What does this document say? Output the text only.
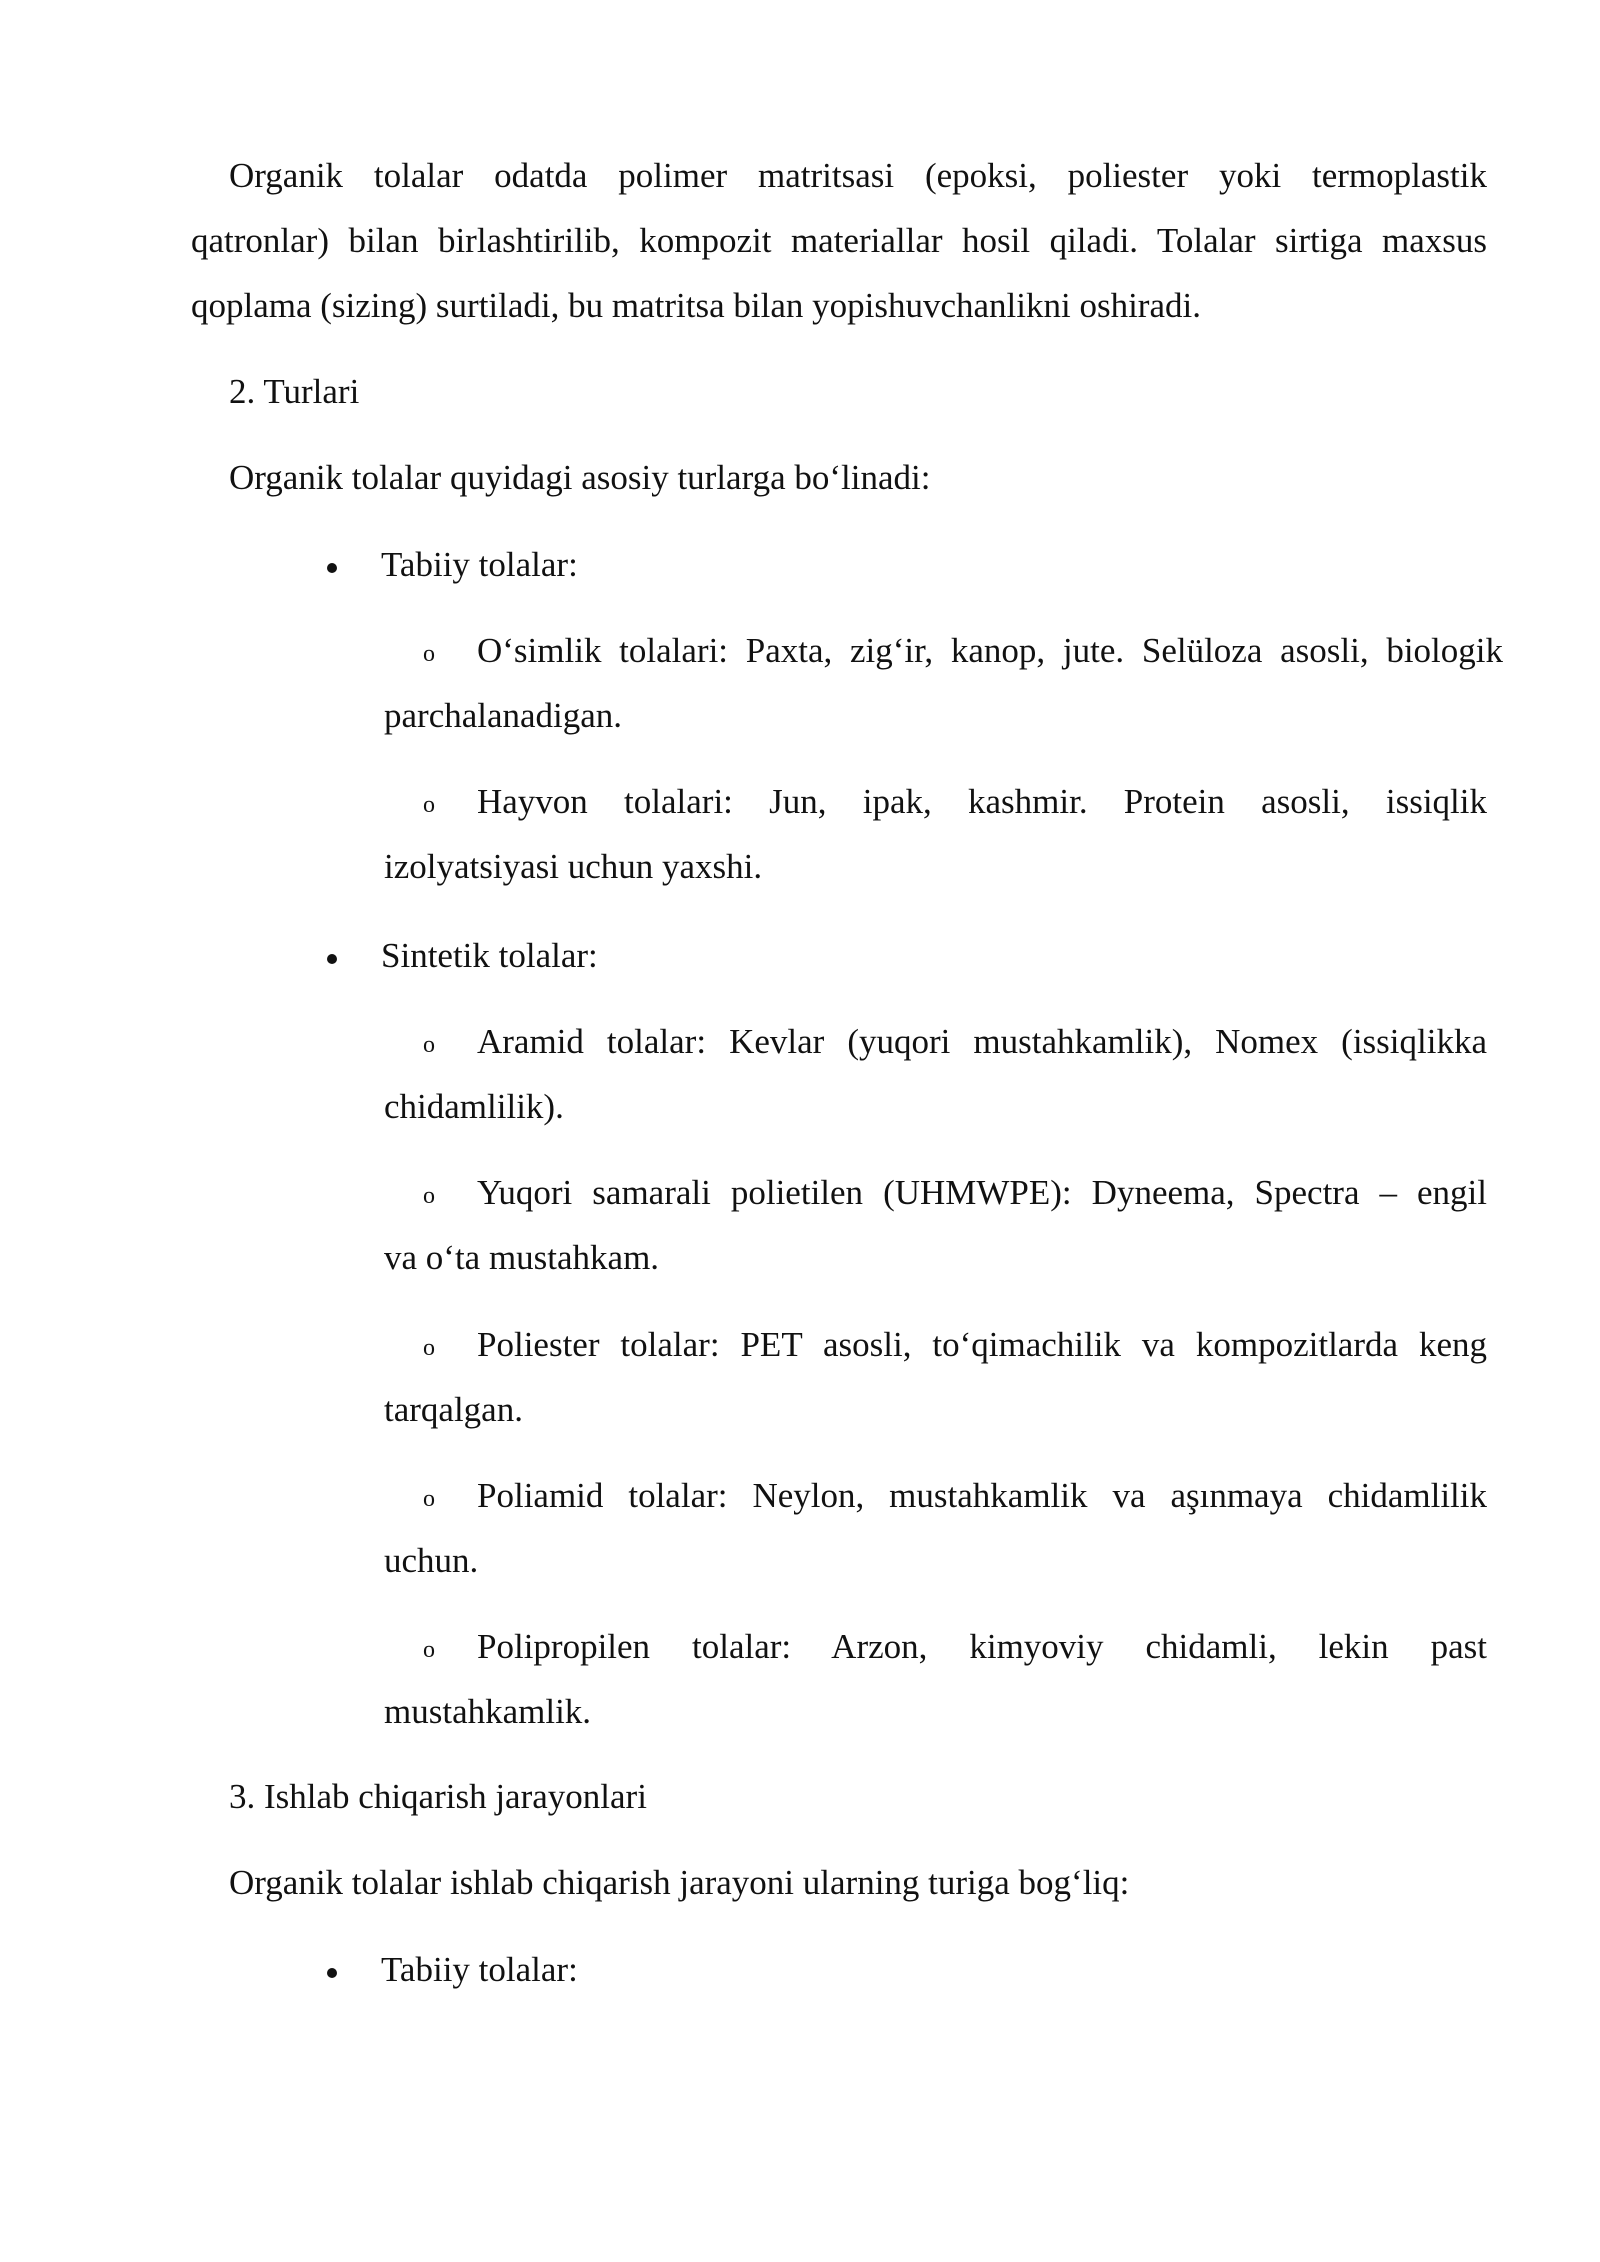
Organik tolalar odatda polimer matritsasi (epoksi, poliester yoki termoplastik
qatronlar) bilan birlashtirilib, kompozit materiallar hosil qiladi. Tolalar sirtiga maxsus
qoplama (sizing) surtiladi, bu matritsa bilan yopishuvchanlikni oshiradi.
2. Turlari
Organik tolalar quyidagi asosiy turlarga bo‘linadi:
Tabiiy tolalar:
o O‘simlik tolalari: Paxta, zig‘ir, kanop, jute. Selüloza asosli, biologik
parchalanadigan.
o Hayvon tolalari: Jun, ipak, kashmir. Protein asosli, issiqlik
izolyatsiyasi uchun yaxshi.
Sintetik tolalar:
o Aramid tolalar: Kevlar (yuqori mustahkamlik), Nomex (issiqlikka
chidamlilik).
o Yuqori samarali polietilen (UHMWPE): Dyneema, Spectra – engil
va o‘ta mustahkam.
o Poliester tolalar: PET asosli, to‘qimachilik va kompozitlarda keng
tarqalgan.
o Poliamid tolalar: Neylon, mustahkamlik va aşınmaya chidamlilik
uchun.
o Polipropilen tolalar: Arzon, kimyoviy chidamli, lekin past
mustahkamlik.
3. Ishlab chiqarish jarayonlari
Organik tolalar ishlab chiqarish jarayoni ularning turiga bog‘liq:
Tabiiy tolalar:
